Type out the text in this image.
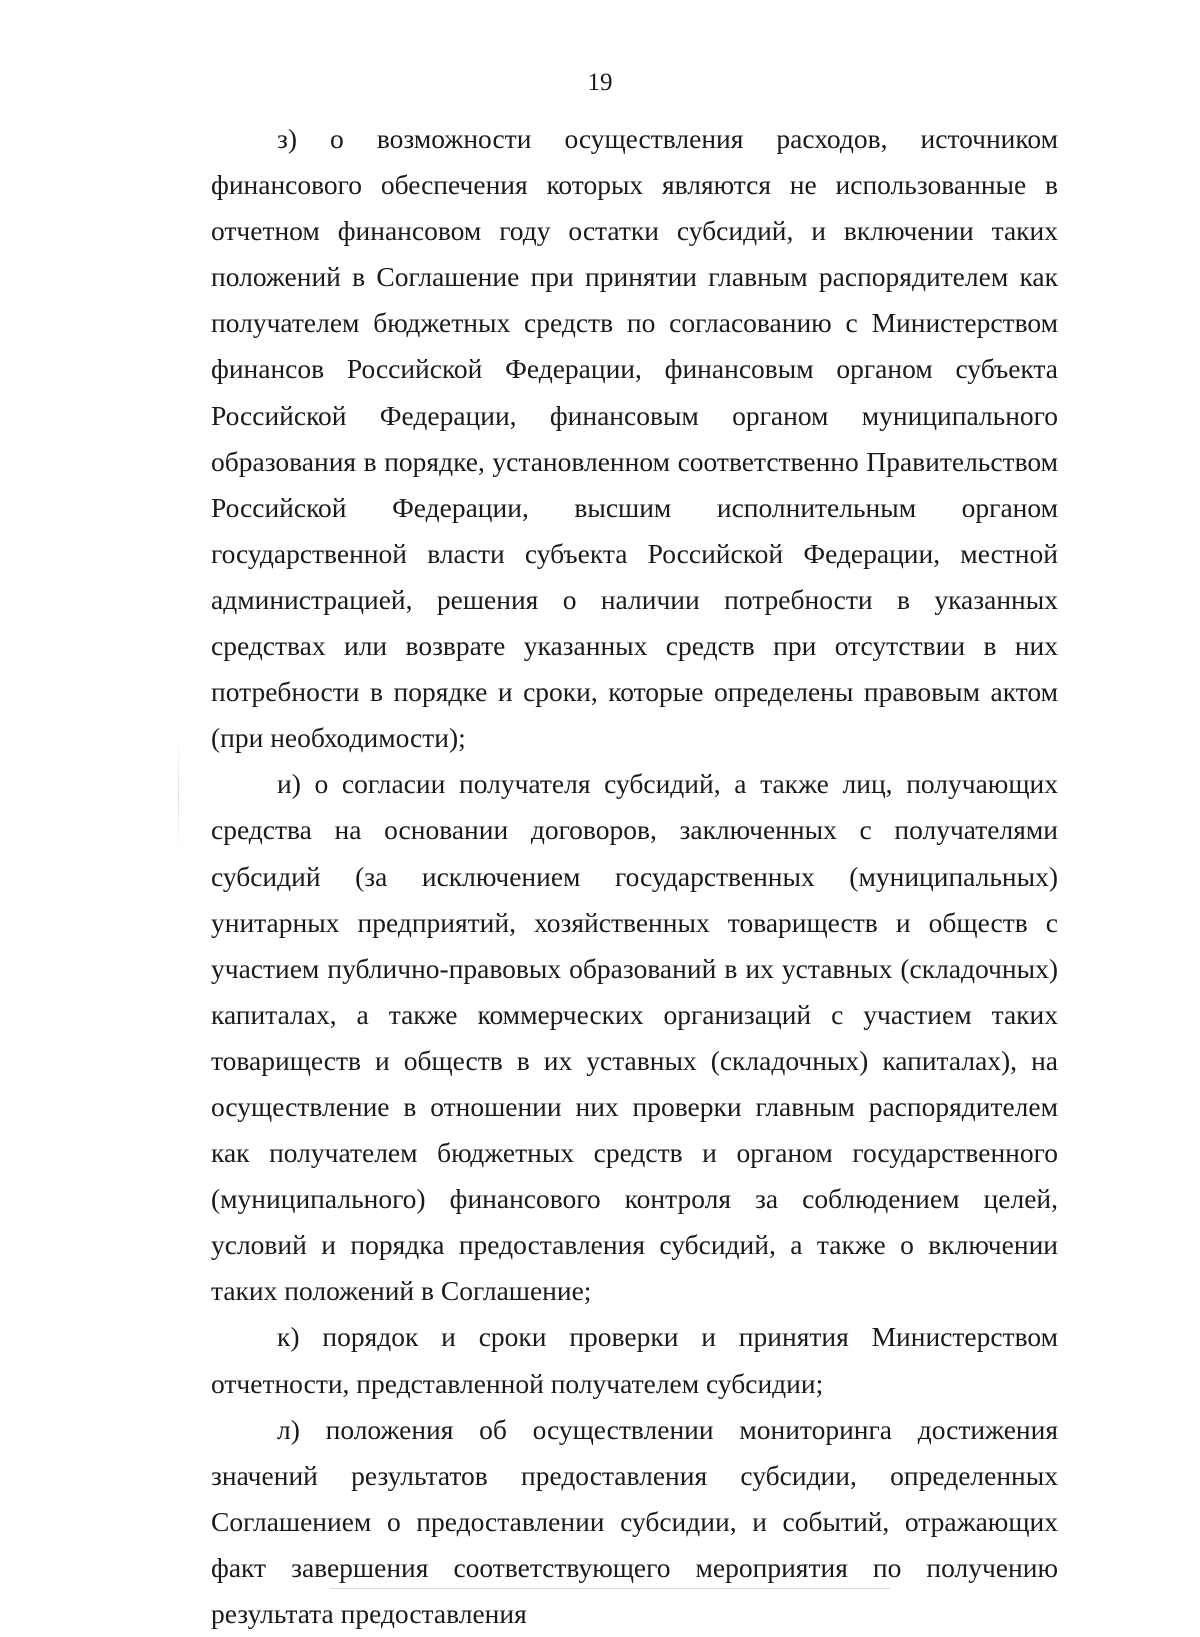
19

з) о возможности осуществления расходов, источником финансового обеспечения которых являются не использованные в отчетном финансовом году остатки субсидий, и включении таких положений в Соглашение при принятии главным распорядителем как получателем бюджетных средств по согласованию с Министерством финансов Российской Федерации, финансовым органом субъекта Российской Федерации, финансовым органом муниципального образования в порядке, установленном соответственно Правительством Российской Федерации, высшим исполнительным органом государственной власти субъекта Российской Федерации, местной администрацией, решения о наличии потребности в указанных средствах или возврате указанных средств при отсутствии в них потребности в порядке и сроки, которые определены правовым актом (при необходимости);

и) о согласии получателя субсидий, а также лиц, получающих средства на основании договоров, заключенных с получателями субсидий (за исключением государственных (муниципальных) унитарных предприятий, хозяйственных товариществ и обществ с участием публично-правовых образований в их уставных (складочных) капиталах, а также коммерческих организаций с участием таких товариществ и обществ в их уставных (складочных) капиталах), на осуществление в отношении них проверки главным распорядителем как получателем бюджетных средств и органом государственного (муниципального) финансового контроля за соблюдением целей, условий и порядка предоставления субсидий, а также о включении таких положений в Соглашение;

к) порядок и сроки проверки и принятия Министерством отчетности, представленной получателем субсидии;

л) положения об осуществлении мониторинга достижения значений результатов предоставления субсидии, определенных Соглашением о предоставлении субсидии, и событий, отражающих факт завершения соответствующего мероприятия по получению результата предоставления
